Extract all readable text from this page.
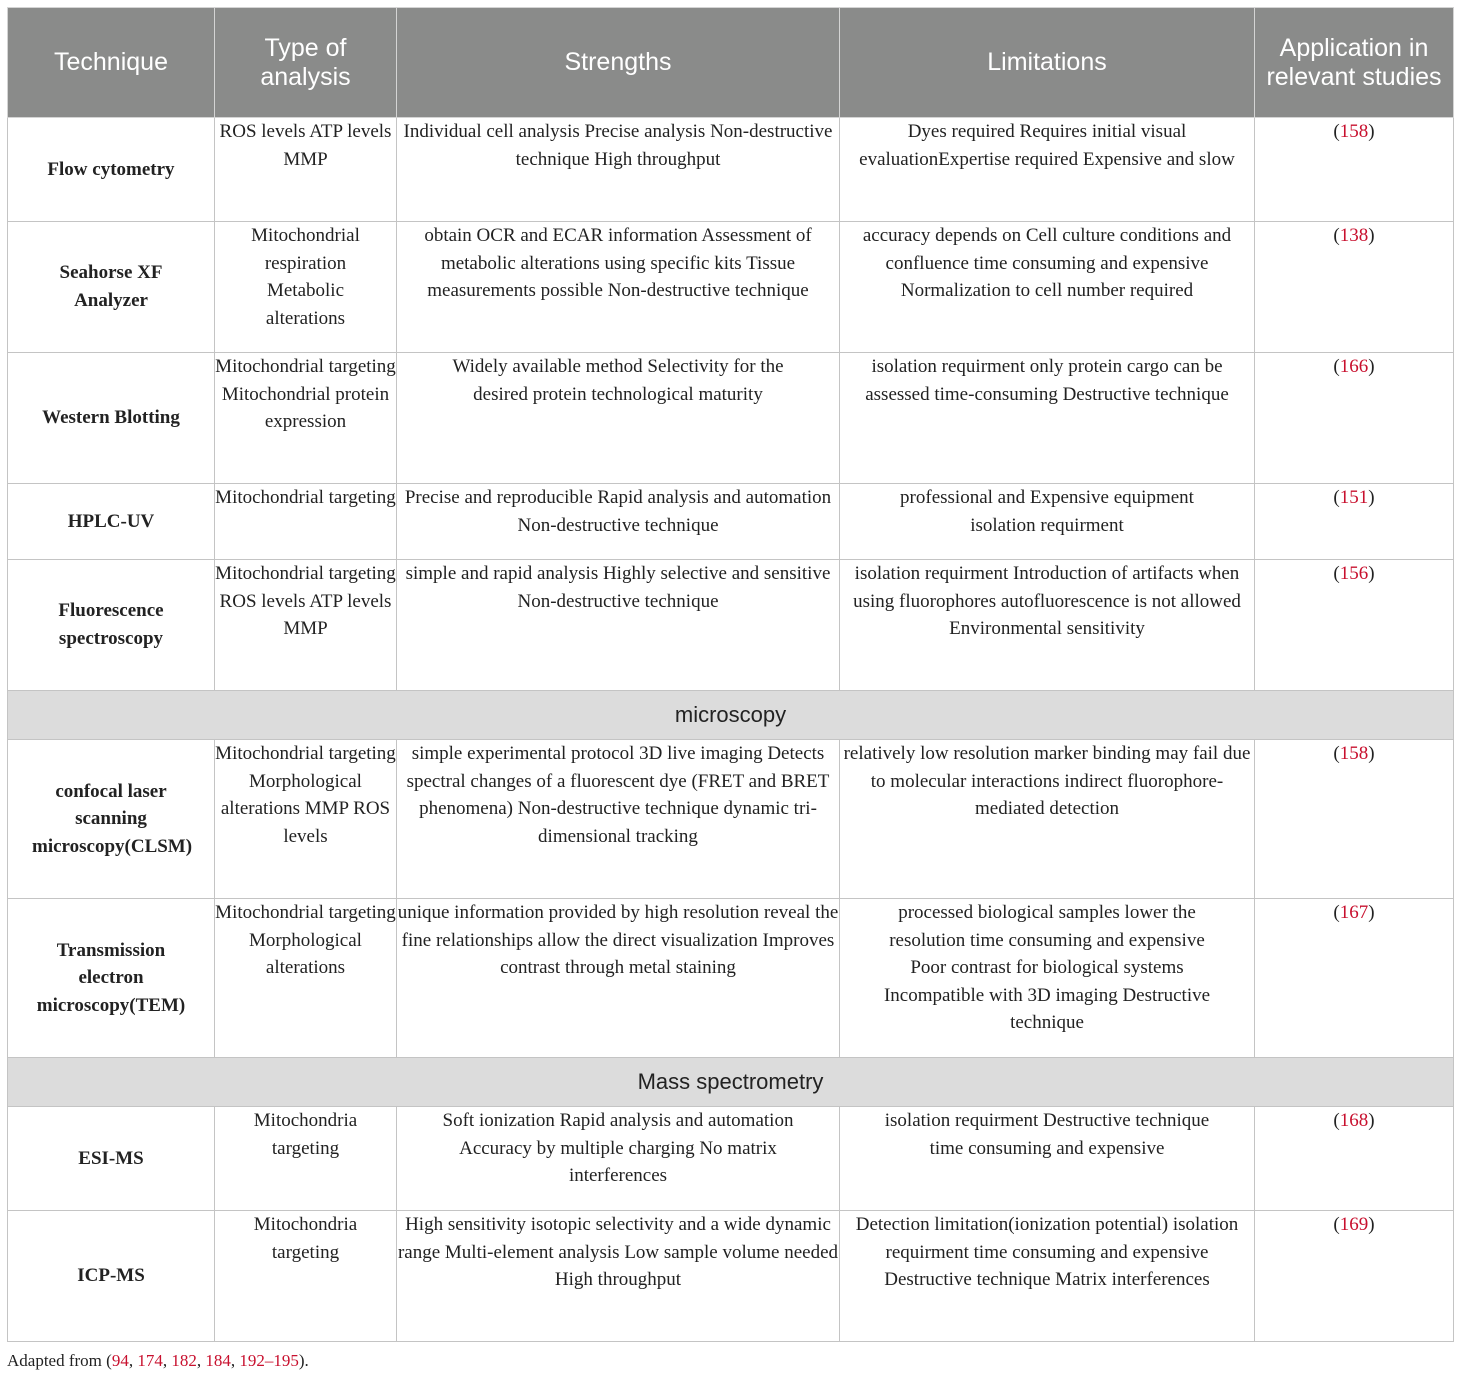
Technique	Type of analysis	Strengths	Limitations	Application in relevant studies
Flow cytometry	ROS levels ATP levels MMP	Individual cell analysis Precise analysis Non-destructive technique High throughput	Dyes required Requires initial visual evaluationExpertise required Expensive and slow	(158)
Seahorse XF Analyzer	Mitochondrial respiration Metabolic alterations	obtain OCR and ECAR information Assessment of metabolic alterations using specific kits Tissue measurements possible Non-destructive technique	accuracy depends on Cell culture conditions and confluence time consuming and expensive Normalization to cell number required	(138)
Western Blotting	Mitochondrial targeting Mitochondrial protein expression	Widely available method Selectivity for the desired protein technological maturity	isolation requirment only protein cargo can be assessed time-consuming Destructive technique	(166)
HPLC-UV	Mitochondrial targeting	Precise and reproducible Rapid analysis and automation Non-destructive technique	professional and Expensive equipment isolation requirment	(151)
Fluorescence spectroscopy	Mitochondrial targeting ROS levels ATP levels MMP	simple and rapid analysis Highly selective and sensitive Non-destructive technique	isolation requirment Introduction of artifacts when using fluorophores autofluorescence is not allowed Environmental sensitivity	(156)
microscopy				
confocal laser scanning microscopy(CLSM)	Mitochondrial targeting Morphological alterations MMP ROS levels	simple experimental protocol 3D live imaging Detects spectral changes of a fluorescent dye (FRET and BRET phenomena) Non-destructive technique dynamic tri-dimensional tracking	relatively low resolution marker binding may fail due to molecular interactions indirect fluorophore-mediated detection	(158)
Transmission electron microscopy(TEM)	Mitochondrial targeting Morphological alterations	unique information provided by high resolution reveal the fine relationships allow the direct visualization Improves contrast through metal staining	processed biological samples lower the resolution time consuming and expensive Poor contrast for biological systems Incompatible with 3D imaging Destructive technique	(167)
Mass spectrometry				
ESI-MS	Mitochondria targeting	Soft ionization Rapid analysis and automation Accuracy by multiple charging No matrix interferences	isolation requirment Destructive technique time consuming and expensive	(168)
ICP-MS	Mitochondria targeting	High sensitivity isotopic selectivity and a wide dynamic range Multi-element analysis Low sample volume needed High throughput	Detection limitation(ionization potential) isolation requirment time consuming and expensive Destructive technique Matrix interferences	(169)
Adapted from (94, 174, 182, 184, 192–195).
